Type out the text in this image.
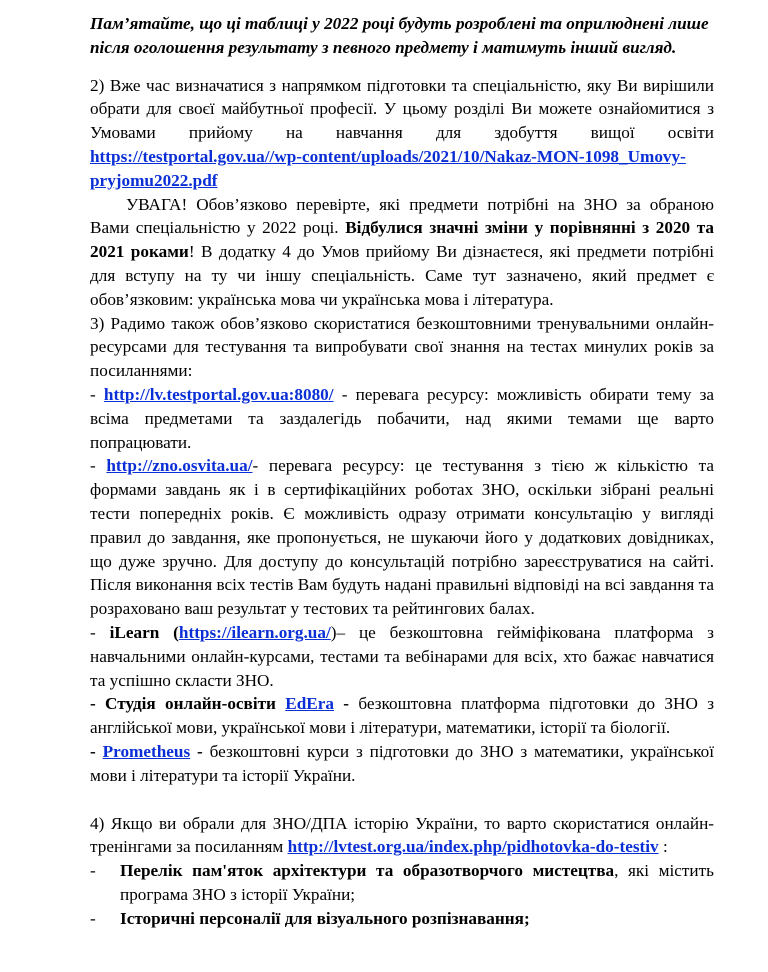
Пам’ятайте, що ці таблиці у 2022 році будуть розроблені та оприлюднені лише після оголошення результату з певного предмету і матимуть інший вигляд.

2) Вже час визначатися з напрямком підготовки та спеціальністю, яку Ви вирішили обрати для своєї майбутньої професії. У цьому розділі Ви можете ознайомитися з Умовами прийому на навчання для здобуття вищої освіти https://testportal.gov.ua//wp-content/uploads/2021/10/Nakaz-MON-1098_Umovy-pryjomu2022.pdf

УВАГА! Обов’язково перевірте, які предмети потрібні на ЗНО за обраною Вами спеціальністю у 2022 році. Відбулися значні зміни у порівнянні з 2020 та 2021 роками! В додатку 4 до Умов прийому Ви дізнаєтеся, які предмети потрібні для вступу на ту чи іншу спеціальність. Саме тут зазначено, який предмет є обов’язковим: українська мова чи українська мова і література.

3) Радимо також обов’язково скористатися безкоштовними тренувальними онлайн-ресурсами для тестування та випробувати свої знання на тестах минулих років за посиланнями:

- http://lv.testportal.gov.ua:8080/ - перевага ресурсу: можливість обирати тему за всіма предметами та заздалегідь побачити, над якими темами ще варто попрацювати.

- http://zno.osvita.ua/- перевага ресурсу: це тестування з тією ж кількістю та формами завдань як і в сертифікаційних роботах ЗНО, оскільки зібрані реальні тести попередніх років. Є можливість одразу отримати консультацію у вигляді правил до завдання, яке пропонується, не шукаючи його у додаткових довідниках, що дуже зручно. Для доступу до консультацій потрібно зареєструватися на сайті. Після виконання всіх тестів Вам будуть надані правильні відповіді на всі завдання та розраховано ваш результат у тестових та рейтингових балах.

- iLearn (https://ilearn.org.ua/)– це безкоштовна гейміфікована платформа з навчальними онлайн-курсами, тестами та вебінарами для всіх, хто бажає навчатися та успішно скласти ЗНО.

- Студія онлайн-освіти EdEra - безкоштовна платформа підготовки до ЗНО з англійської мови, української мови і літератури, математики, історії та біології.

- Prometheus - безкоштовні курси з підготовки до ЗНО з математики, української мови і літератури та історії України.

4) Якщо ви обрали для ЗНО/ДПА історію України, то варто скористатися онлайн-тренінгами за посиланням http://lvtest.org.ua/index.php/pidhotovka-do-testiv :

-	Перелік пам'яток архітектури та образотворчого мистецтва, які містить програма ЗНО з історії України;
-	Історичні персоналії для візуального розпізнавання;
